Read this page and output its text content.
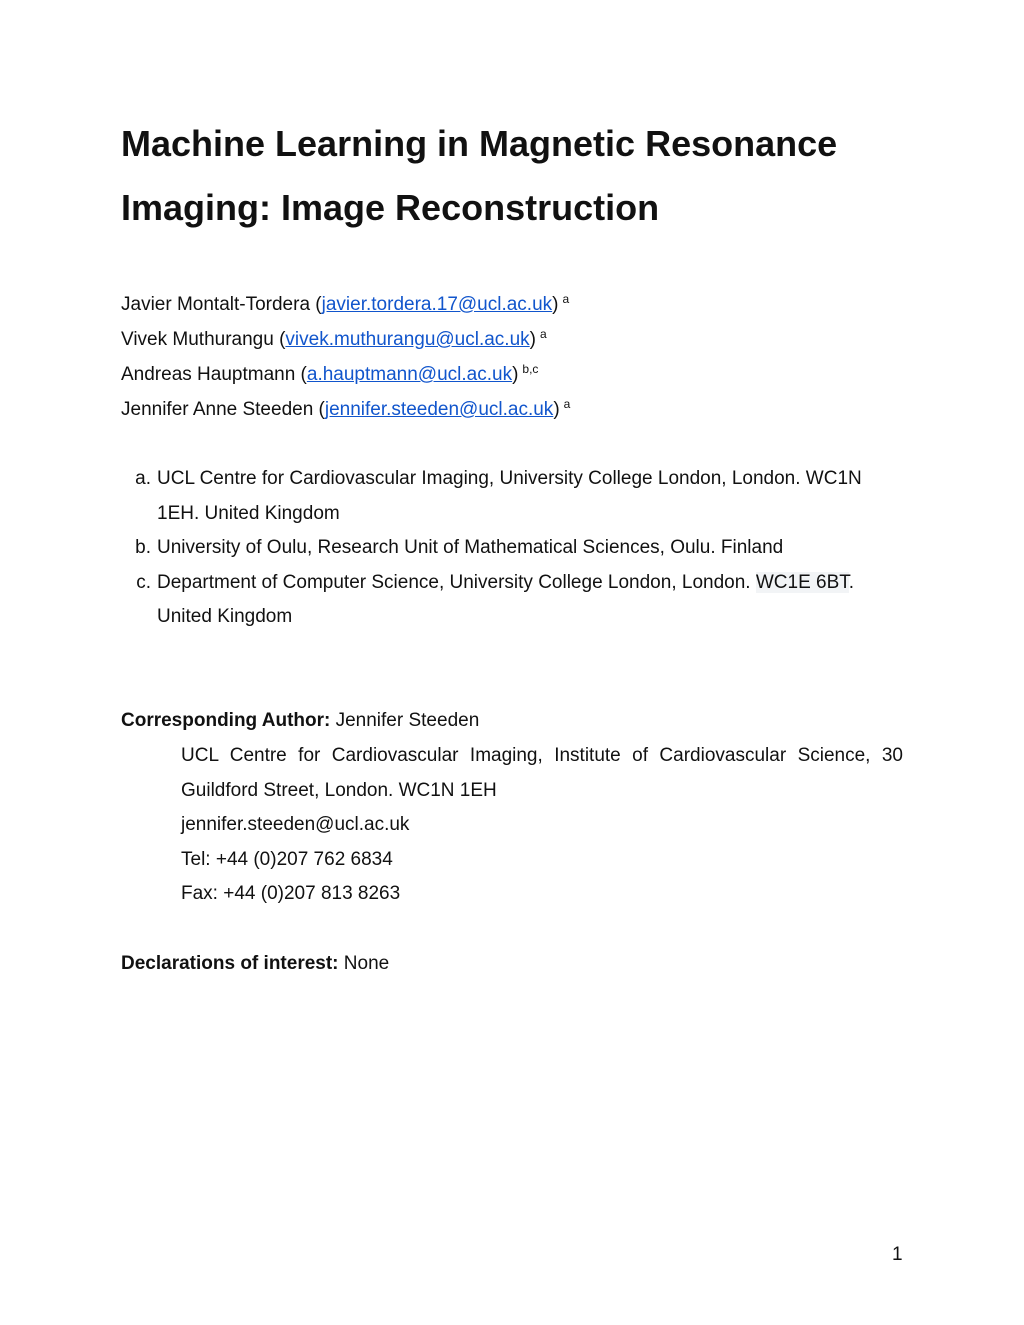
Machine Learning in Magnetic Resonance
Imaging: Image Reconstruction
Javier Montalt-Tordera (javier.tordera.17@ucl.ac.uk) $^a$
Vivek Muthurangu (vivek.muthurangu@ucl.ac.uk) $^a$
Andreas Hauptmann (a.hauptmann@ucl.ac.uk) $^{b,c}$
Jennifer Anne Steeden (jennifer.steeden@ucl.ac.uk) $^a$
a. UCL Centre for Cardiovascular Imaging, University College London, London. WC1N
1EH. United Kingdom
b. University of Oulu, Research Unit of Mathematical Sciences, Oulu. Finland
c. Department of Computer Science, University College London, London. WC1E 6BT.
United Kingdom
Corresponding Author: Jennifer Steeden
UCL Centre for Cardiovascular Imaging, Institute of Cardiovascular Science, 30
Guildford Street, London. WC1N 1EH
jennifer.steeden@ucl.ac.uk
Tel: +44 (0)207 762 6834
Fax: +44 (0)207 813 8263
Declarations of interest: None
1
